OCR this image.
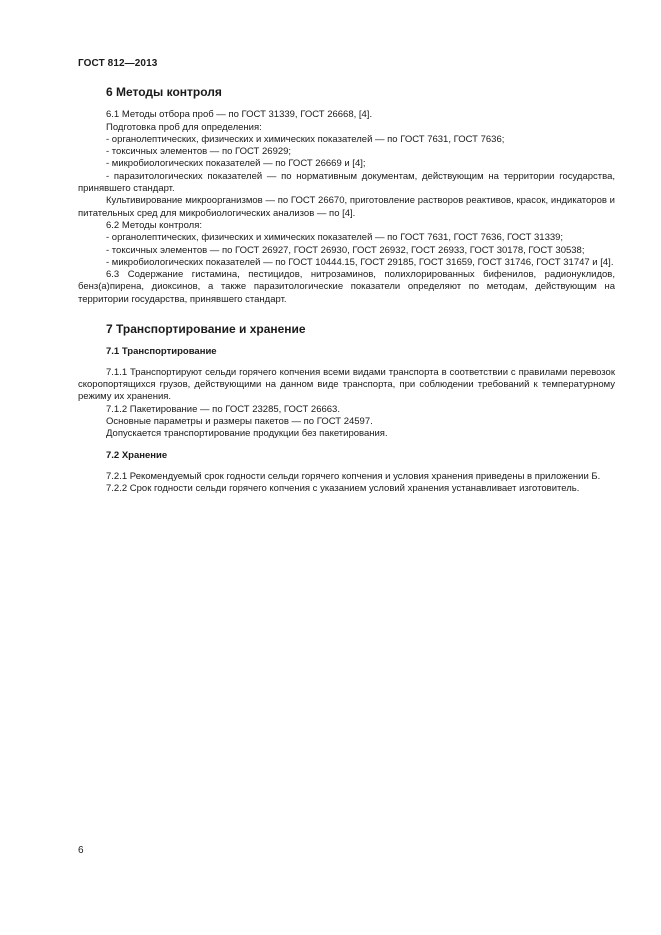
ГОСТ 812—2013
6 Методы контроля

6.1 Методы отбора проб — по ГОСТ 31339, ГОСТ 26668, [4].

Подготовка проб для определения:

- органолептических, физических и химических показателей — по ГОСТ 7631, ГОСТ 7636;

- токсичных элементов — по ГОСТ 26929;

- микробиологических показателей — по ГОСТ 26669 и [4];

- паразитологических показателей — по нормативным документам, действующим на территории государства, принявшего стандарт.

Культивирование микроорганизмов — по ГОСТ 26670, приготовление растворов реактивов, красок, индикаторов и питательных сред для микробиологических анализов — по [4].

6.2 Методы контроля:

- органолептических, физических и химических показателей — по ГОСТ 7631, ГОСТ 7636, ГОСТ 31339;

- токсичных элементов — по ГОСТ 26927, ГОСТ 26930, ГОСТ 26932, ГОСТ 26933, ГОСТ 30178, ГОСТ 30538;

- микробиологических показателей — по ГОСТ 10444.15, ГОСТ 29185, ГОСТ 31659, ГОСТ 31746, ГОСТ 31747 и [4].

6.3 Содержание гистамина, пестицидов, нитрозаминов, полихлорированных бифенилов, радионуклидов, бенз(а)пирена, диоксинов, а также паразитологические показатели определяют по методам, действующим на территории государства, принявшего стандарт.

7 Транспортирование и хранение
7.1 Транспортирование

7.1.1 Транспортируют сельди горячего копчения всеми видами транспорта в соответствии с правилами перевозок скоропортящихся грузов, действующими на данном виде транспорта, при соблюдении требований к температурному режиму их хранения.

7.1.2 Пакетирование — по ГОСТ 23285, ГОСТ 26663.

Основные параметры и размеры пакетов — по ГОСТ 24597.

Допускается транспортирование продукции без пакетирования.

7.2 Хранение

7.2.1 Рекомендуемый срок годности сельди горячего копчения и условия хранения приведены в приложении Б.

7.2.2 Срок годности сельди горячего копчения с указанием условий хранения устанавливает изготовитель.

6
